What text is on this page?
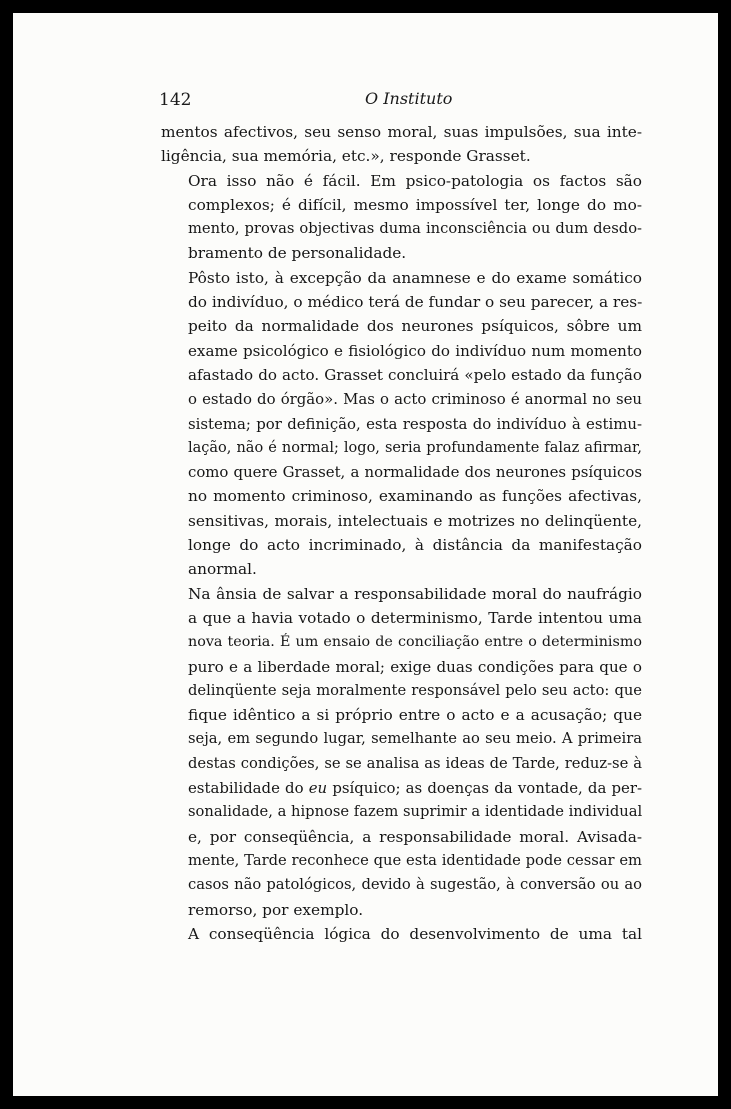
142	O Instituto

mentos afectivos, seu senso moral, suas impulsões, sua inte-
ligência, sua memória, etc.», responde Grasset.

Ora isso não é fácil. Em psico-patologia os factos são
complexos; é difícil, mesmo impossível ter, longe do mo-
mento, provas objectivas duma inconsciência ou dum desdo-
bramento de personalidade.

Pôsto isto, à excepção da anamnese e do exame somático
do indivíduo, o médico terá de fundar o seu parecer, a res-
peito da normalidade dos neurones psíquicos, sôbre um
exame psicológico e fisiológico do indivíduo num momento
afastado do acto. Grasset concluirá «pelo estado da função
o estado do órgão». Mas o acto criminoso é anormal no seu
sistema; por definição, esta resposta do indivíduo à estimu-
lação, não é normal; logo, seria profundamente falaz afirmar,
como quere Grasset, a normalidade dos neurones psíquicos
no momento criminoso, examinando as funções afectivas,
sensitivas, morais, intelectuais e motrizes no delinqüente,
longe do acto incriminado, à distância da manifestação
anormal.

Na ânsia de salvar a responsabilidade moral do naufrágio
a que a havia votado o determinismo, Tarde intentou uma
nova teoria. É um ensaio de conciliação entre o determinismo
puro e a liberdade moral; exige duas condições para que o
delinqüente seja moralmente responsável pelo seu acto: que
fique idêntico a si próprio entre o acto e a acusação; que
seja, em segundo lugar, semelhante ao seu meio. A primeira
destas condições, se se analisa as ideas de Tarde, reduz-se à
estabilidade do eu psíquico; as doenças da vontade, da per-
sonalidade, a hipnose fazem suprimir a identidade individual
e, por conseqüência, a responsabilidade moral. Avisada-
mente, Tarde reconhece que esta identidade pode cessar em
casos não patológicos, devido à sugestão, à conversão ou ao
remorso, por exemplo.

A conseqüência lógica do desenvolvimento de uma tal
